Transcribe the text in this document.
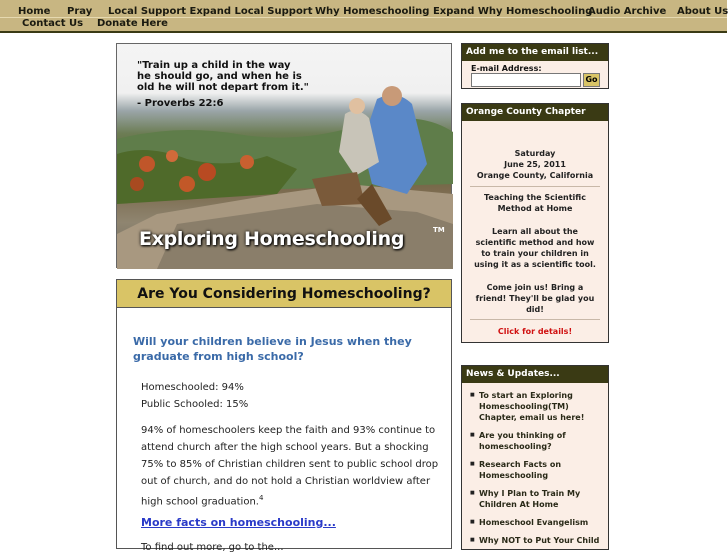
Home Pray Local Support Expand Local Support Why Homeschooling Expand Why Homeschooling
Audio Archive About Us
Contact Us Donate Here
"Train up a child in the way
he should go, and when he is
old he will not depart from it."
- Proverbs 22:6
Exploring Homeschooling	TM
Are You Considering Homeschooling?
Will your children believe in Jesus when they graduate from high school?
Homeschooled: 94%
Public Schooled: 15%
94% of homeschoolers keep the faith and 93% continue to attend church after the high school years. But a shocking 75% to 85% of Christian children sent to public school drop out of church, and do not hold a Christian worldview after high school graduation.$^4$
More facts on homeschooling...
To find out more, go to the...
Add me to the email list...
E-mail Address:
Go
Orange County Chapter
Saturday
June 25, 2011
Orange County, California
Teaching the Scientific
Method at Home
Learn all about the
scientific method and how
to train your children in
using it as a scientific tool.
Come join us! Bring a
friend! They'll be glad you
did!
Click for details!
News & Updates...
■ To start an Exploring Homeschooling(TM) Chapter, email us here!
■ Are you thinking of homeschooling?
■ Research Facts on Homeschooling
■ Why I Plan to Train My Children At Home
■ Homeschool Evangelism
■ Why NOT to Put Your Child
